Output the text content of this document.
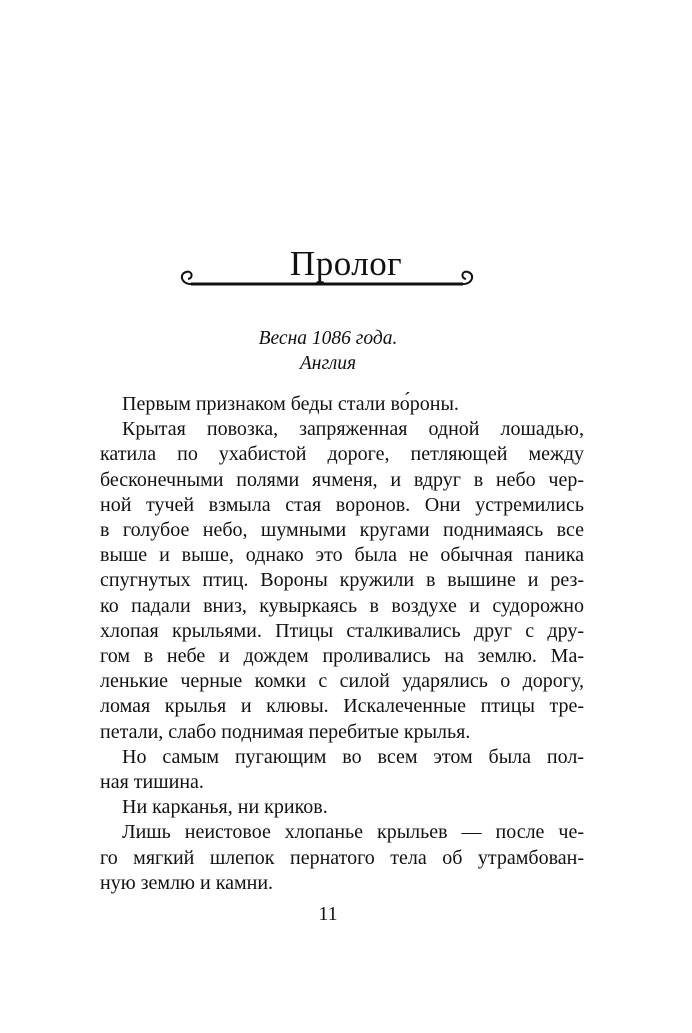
Пролог
Весна 1086 года.
Англия

Первым признаком беды стали во́роны.

Крытая повозка, запряженная одной лошадью,
катила по ухабистой дороге, петляющей между
бесконечными полями ячменя, и вдруг в небо чер-
ной тучей взмыла стая воронов. Они устремились
в голубое небо, шумными кругами поднимаясь все
выше и выше, однако это была не обычная паника
спугнутых птиц. Вороны кружили в вышине и рез-
ко падали вниз, кувыркаясь в воздухе и судорожно
хлопая крыльями. Птицы сталкивались друг с дру-
гом в небе и дождем проливались на землю. Ма-
ленькие черные комки с силой ударялись о дорогу,
ломая крылья и клювы. Искалеченные птицы тре-
петали, слабо поднимая перебитые крылья.

Но самым пугающим во всем этом была пол-
ная тишина.

Ни карканья, ни криков.

Лишь неистовое хлопанье крыльев — после че-
го мягкий шлепок пернатого тела об утрамбован-
ную землю и камни.

11
